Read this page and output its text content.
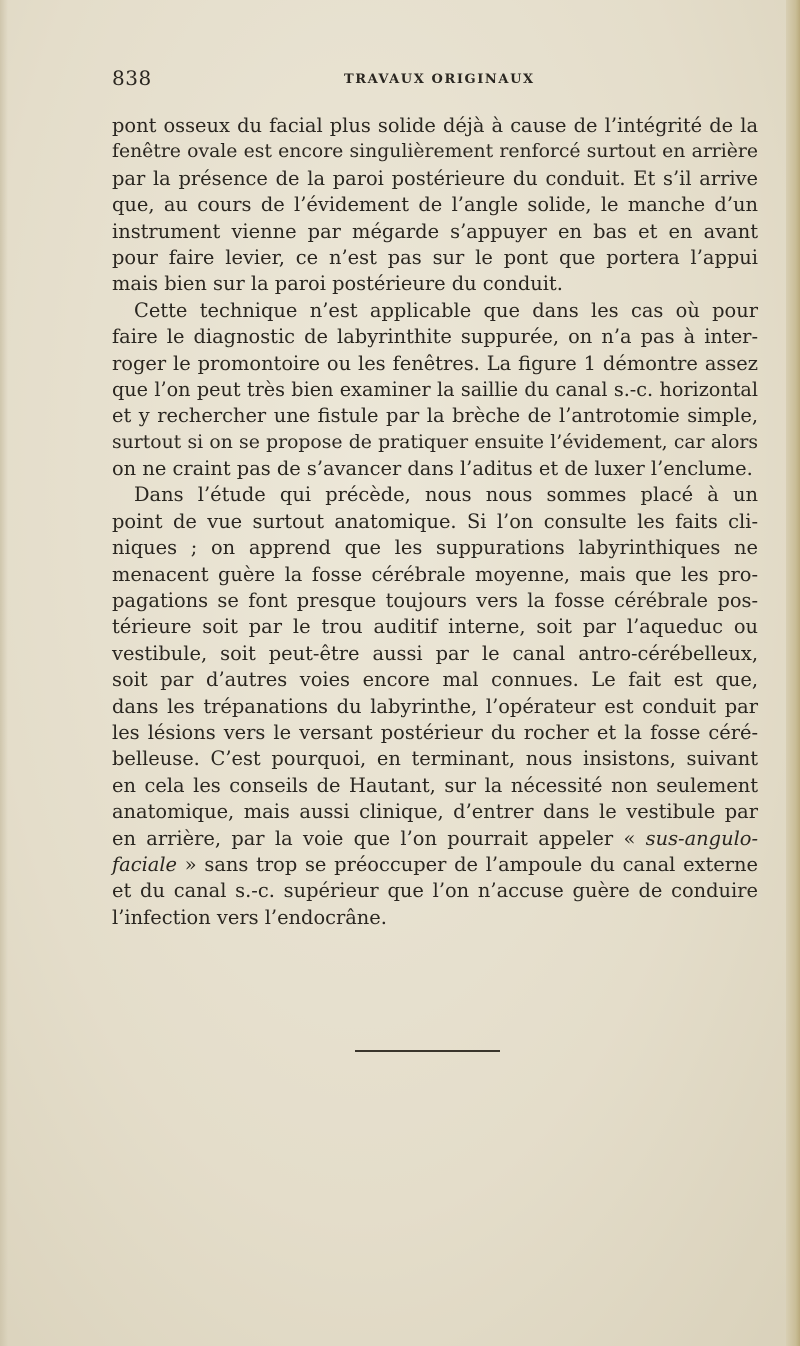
838	TRAVAUX ORIGINAUX
pont osseux du facial plus solide déjà à cause de l’intégrité de la
fenêtre ovale est encore singulièrement renforcé surtout en arrière
par la présence de la paroi postérieure du conduit. Et s’il arrive
que, au cours de l’évidement de l’angle solide, le manche d’un
instrument vienne par mégarde s’appuyer en bas et en avant
pour faire levier, ce n’est pas sur le pont que portera l’appui
mais bien sur la paroi postérieure du conduit.
Cette technique n’est applicable que dans les cas où pour
faire le diagnostic de labyrinthite suppurée, on n’a pas à inter-
roger le promontoire ou les fenêtres. La figure 1 démontre assez
que l’on peut très bien examiner la saillie du canal s.-c. horizontal
et y rechercher une fistule par la brèche de l’antrotomie simple,
surtout si on se propose de pratiquer ensuite l’évidement, car alors
on ne craint pas de s’avancer dans l’aditus et de luxer l’enclume.
Dans l’étude qui précède, nous nous sommes placé à un
point de vue surtout anatomique. Si l’on consulte les faits cli-
niques ; on apprend que les suppurations labyrinthiques ne
menacent guère la fosse cérébrale moyenne, mais que les pro-
pagations se font presque toujours vers la fosse cérébrale pos-
térieure soit par le trou auditif interne, soit par l’aqueduc ou
vestibule, soit peut-être aussi par le canal antro-cérébelleux,
soit par d’autres voies encore mal connues. Le fait est que,
dans les trépanations du labyrinthe, l’opérateur est conduit par
les lésions vers le versant postérieur du rocher et la fosse céré-
belleuse. C’est pourquoi, en terminant, nous insistons, suivant
en cela les conseils de Hautant, sur la nécessité non seulement
anatomique, mais aussi clinique, d’entrer dans le vestibule par
en arrière, par la voie que l’on pourrait appeler « sus-angulo-
faciale » sans trop se préoccuper de l’ampoule du canal externe
et du canal s.-c. supérieur que l’on n’accuse guère de conduire
l’infection vers l’endocrâne.
